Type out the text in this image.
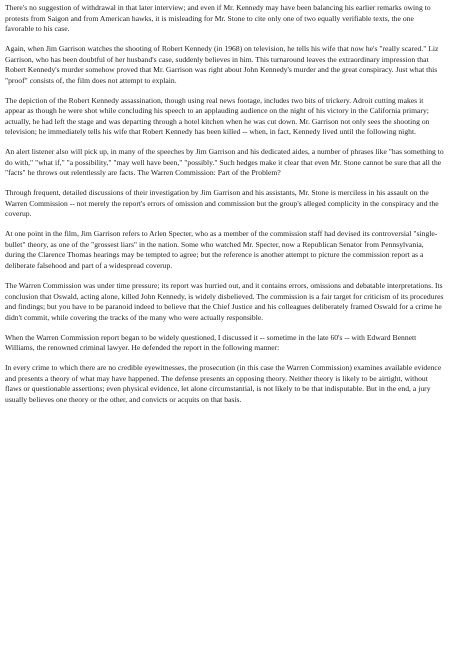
There's no suggestion of withdrawal in that later interview; and even if Mr. Kennedy may have been balancing his earlier remarks owing to protests from Saigon and from American hawks, it is misleading for Mr. Stone to cite only one of two equally verifiable texts, the one favorable to his case.

Again, when Jim Garrison watches the shooting of Robert Kennedy (in 1968) on television, he tells his wife that now he's "really scared." Liz Garrison, who has been doubtful of her husband's case, suddenly believes in him. This turnaround leaves the extraordinary impression that Robert Kennedy's murder somehow proved that Mr. Garrison was right about John Kennedy's murder and the great conspiracy. Just what this "proof" consists of, the film does not attempt to explain.

The depiction of the Robert Kennedy assassination, though using real news footage, includes two bits of trickery. Adroit cutting makes it appear as though he were shot while concluding his speech to an applauding audience on the night of his victory in the California primary; actually, he had left the stage and was departing through a hotel kitchen when he was cut down. Mr. Garrison not only sees the shooting on television; he immediately tells his wife that Robert Kennedy has been killed -- when, in fact, Kennedy lived until the following night.

An alert listener also will pick up, in many of the speeches by Jim Garrison and his dedicated aides, a number of phrases like "has something to do with," "what if," "a possibility," "may well have been," "possibly." Such hedges make it clear that even Mr. Stone cannot be sure that all the "facts" he throws out relentlessly are facts. The Warren Commission: Part of the Problem?

Through frequent, detailed discussions of their investigation by Jim Garrison and his assistants, Mr. Stone is merciless in his assault on the Warren Commission -- not merely the report's errors of omission and commission but the group's alleged complicity in the conspiracy and the coverup.

At one point in the film, Jim Garrison refers to Arlen Specter, who as a member of the commission staff had devised its controversial "single-bullet" theory, as one of the "grossest liars" in the nation. Some who watched Mr. Specter, now a Republican Senator from Pennsylvania, during the Clarence Thomas hearings may be tempted to agree; but the reference is another attempt to picture the commission report as a deliberate falsehood and part of a widespread coverup.

The Warren Commission was under time pressure; its report was hurried out, and it contains errors, omissions and debatable interpretations. Its conclusion that Oswald, acting alone, killed John Kennedy, is widely disbelieved. The commission is a fair target for criticism of its procedures and findings; but you have to be paranoid indeed to believe that the Chief Justice and his colleagues deliberately framed Oswald for a crime he didn't commit, while covering the tracks of the many who were actually responsible.

When the Warren Commission report began to be widely questioned, I discussed it -- sometime in the late 60's -- with Edward Bennett Williams, the renowned criminal lawyer. He defended the report in the following manner:

In every crime to which there are no credible eyewitnesses, the prosecution (in this case the Warren Commission) examines available evidence and presents a theory of what may have happened. The defense presents an opposing theory. Neither theory is likely to be airtight, without flaws or questionable assertions; even physical evidence, let alone circumstantial, is not likely to be that indisputable. But in the end, a jury usually believes one theory or the other, and convicts or acquits on that basis.
